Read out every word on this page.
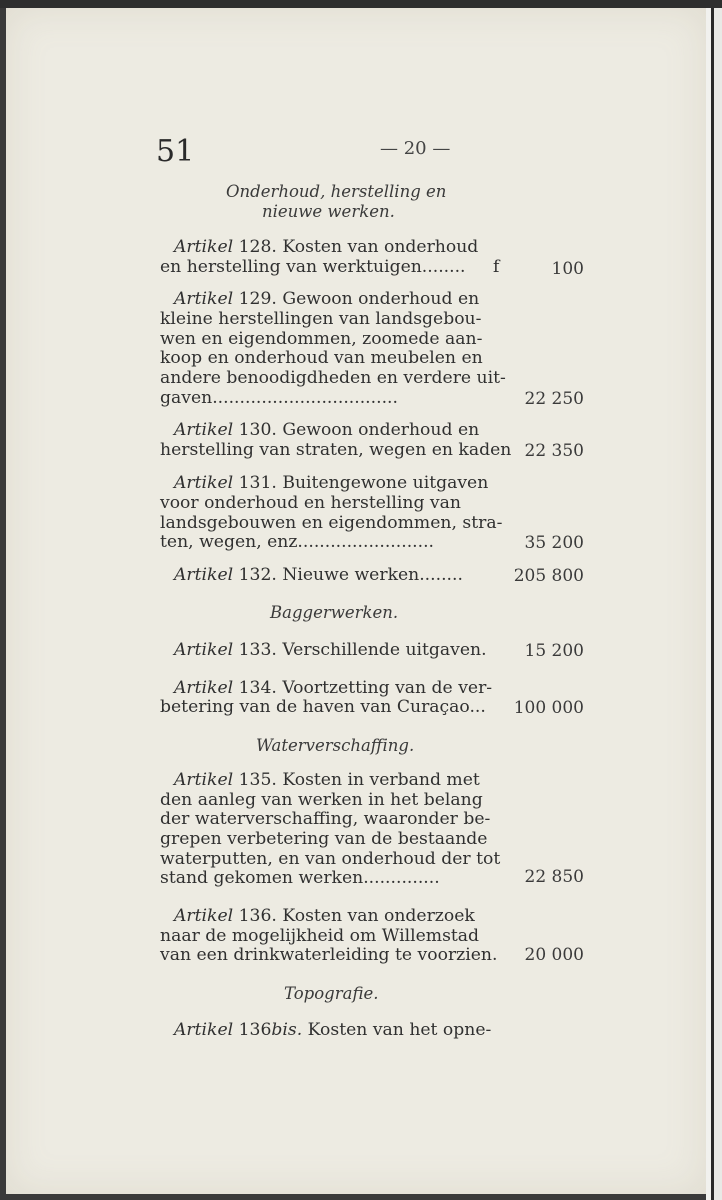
51	— 20 —
Onderhoud, herstelling en
nieuwe werken.
Artikel 128. Kosten van onderhoud
en herstelling van werktuigen........ f	100
Artikel 129. Gewoon onderhoud en
kleine herstellingen van landsgebou-
wen en eigendommen, zoomede aan-
koop en onderhoud van meubelen en
andere benoodigdheden en verdere uit-
gaven..................................	22 250
Artikel 130. Gewoon onderhoud en
herstelling van straten, wegen en kaden 22 350
Artikel 131. Buitengewone uitgaven
voor onderhoud en herstelling van
landsgebouwen en eigendommen, stra-
ten, wegen, enz.........................	35 200
Artikel 132. Nieuwe werken........	205 800
Baggerwerken.
Artikel 133. Verschillende uitgaven.	15 200
Artikel 134. Voortzetting van de ver-
betering van de haven van Curaçao...	100 000
Waterverschaffing.
Artikel 135. Kosten in verband met
den aanleg van werken in het belang
der waterverschaffing, waaronder be-
grepen verbetering van de bestaande
waterputten, en van onderhoud der tot
stand gekomen werken..............	22 850
Artikel 136. Kosten van onderzoek
naar de mogelijkheid om Willemstad
van een drinkwaterleiding te voorzien.	20 000
Topografie.
Artikel 136bis. Kosten van het opne-
